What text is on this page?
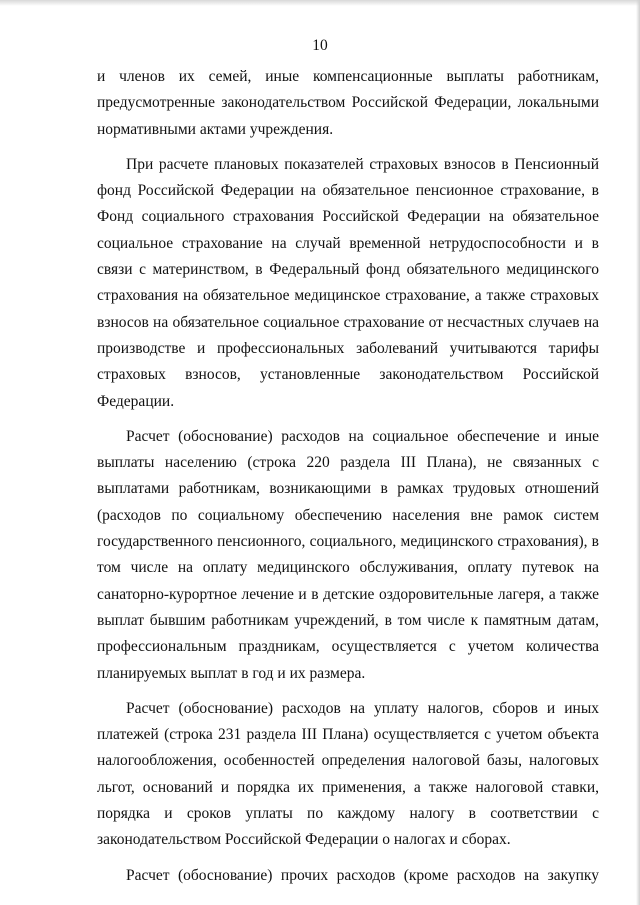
10

и членов их семей, иные компенсационные выплаты работникам, предусмотренные законодательством Российской Федерации, локальными нормативными актами учреждения.

При расчете плановых показателей страховых взносов в Пенсионный фонд Российской Федерации на обязательное пенсионное страхование, в Фонд социального страхования Российской Федерации на обязательное социальное страхование на случай временной нетрудоспособности и в связи с материнством, в Федеральный фонд обязательного медицинского страхования на обязательное медицинское страхование, а также страховых взносов на обязательное социальное страхование от несчастных случаев на производстве и профессиональных заболеваний учитываются тарифы страховых взносов, установленные законодательством Российской Федерации.

Расчет (обоснование) расходов на социальное обеспечение и иные выплаты населению (строка 220 раздела III Плана), не связанных с выплатами работникам, возникающими в рамках трудовых отношений (расходов по социальному обеспечению населения вне рамок систем государственного пенсионного, социального, медицинского страхования), в том числе на оплату медицинского обслуживания, оплату путевок на санаторно-курортное лечение и в детские оздоровительные лагеря, а также выплат бывшим работникам учреждений, в том числе к памятным датам, профессиональным праздникам, осуществляется с учетом количества планируемых выплат в год и их размера.

Расчет (обоснование) расходов на уплату налогов, сборов и иных платежей (строка 231 раздела III Плана) осуществляется с учетом объекта налогообложения, особенностей определения налоговой базы, налоговых льгот, оснований и порядка их применения, а также налоговой ставки, порядка и сроков уплаты по каждому налогу в соответствии с законодательством Российской Федерации о налогах и сборах.

Расчет (обоснование) прочих расходов (кроме расходов на закупку
